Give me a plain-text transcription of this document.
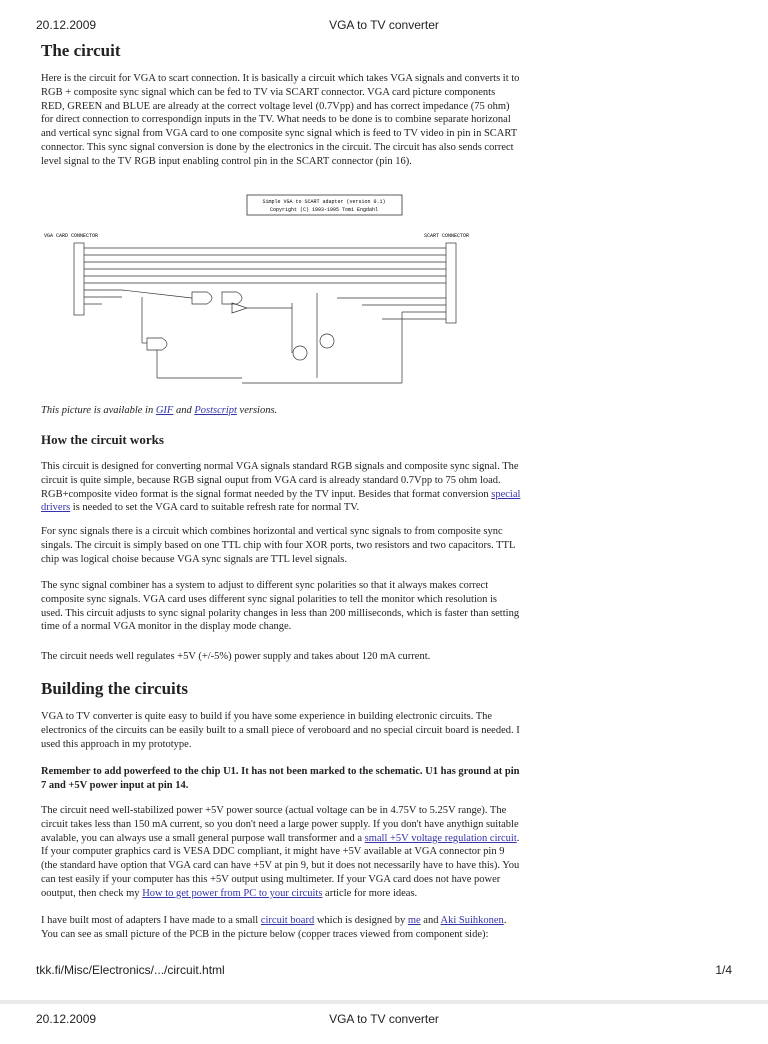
20.12.2009	VGA to TV converter
The circuit

Here is the circuit for VGA to scart connection. It is basically a circuit which takes VGA signals and converts it to RGB + composite sync signal which can be fed to TV via SCART connector. VGA card picture components RED, GREEN and BLUE are already at the correct voltage level (0.7Vpp) and has correct impedance (75 ohm) for direct connection to correspondign inputs in the TV. What needs to be done is to combine separate horizonal and vertical sync signal from VGA card to one composite sync signal which is feed to TV video in pin in SCART connector. This sync signal conversion is done by the electronics in the circuit. The circuit has also sends correct level signal to the TV RGB input enabling control pin in the SCART connector (pin 16).

Simple VGA to SCART adapter (version 0.1)
Copyright (C) 1993-1995 Tomi Engdahl
VGA CARD CONNECTOR	SCART CONNECTOR

This picture is available in GIF and Postscript versions.

How the circuit works

This circuit is designed for converting normal VGA signals standard RGB signals and composite sync signal. The circuit is quite simple, because RGB signal ouput from VGA card is already standard 0.7Vpp to 75 ohm load. RGB+composite video format is the signal format needed by the TV input. Besides that format conversion special drivers is needed to set the VGA card to suitable refresh rate for normal TV.

For sync signals there is a circuit which combines horizontal and vertical sync signals to from composite sync singals. The circuit is simply based on one TTL chip with four XOR ports, two resistors and two capacitors. TTL chip was logical choise because VGA sync signals are TTL level signals.

The sync signal combiner has a system to adjust to different sync polarities so that it always makes correct composite sync signals. VGA card uses different sync signal polarities to tell the monitor which resolution is used. This circuit adjusts to sync signal polarity changes in less than 200 milliseconds, which is faster than setting time of a normal VGA monitor in the display mode change.

The circuit needs well regulates +5V (+/-5%) power supply and takes about 120 mA current.

Building the circuits

VGA to TV converter is quite easy to build if you have some experience in building electronic circuits. The electronics of the circuits can be easily built to a small piece of veroboard and no special circuit board is needed. I used this approach in my prototype.

Remember to add powerfeed to the chip U1. It has not been marked to the schematic. U1 has ground at pin 7 and +5V power input at pin 14.

The circuit need well-stabilized power +5V power source (actual voltage can be in 4.75V to 5.25V range). The circuit takes less than 150 mA current, so you don't need a large power supply. If you don't have anythign suitable avalable, you can always use a small general purpose wall transformer and a small +5V voltage regulation circuit. If your computer graphics card is VESA DDC compliant, it might have +5V available at VGA connector pin 9 (the standard have option that VGA card can have +5V at pin 9, but it does not necessarily have to have this). You can test easily if your computer has this +5V output using multimeter. If your VGA card does not have power ooutput, then check my How to get power from PC to your circuits article for more ideas.

I have built most of adapters I have made to a small circuit board which is designed by me and Aki Suihkonen. You can see as small picture of the PCB in the picture below (copper traces viewed from component side):

tkk.fi/Misc/Electronics/.../circuit.html	1/4
20.12.2009	VGA to TV converter
